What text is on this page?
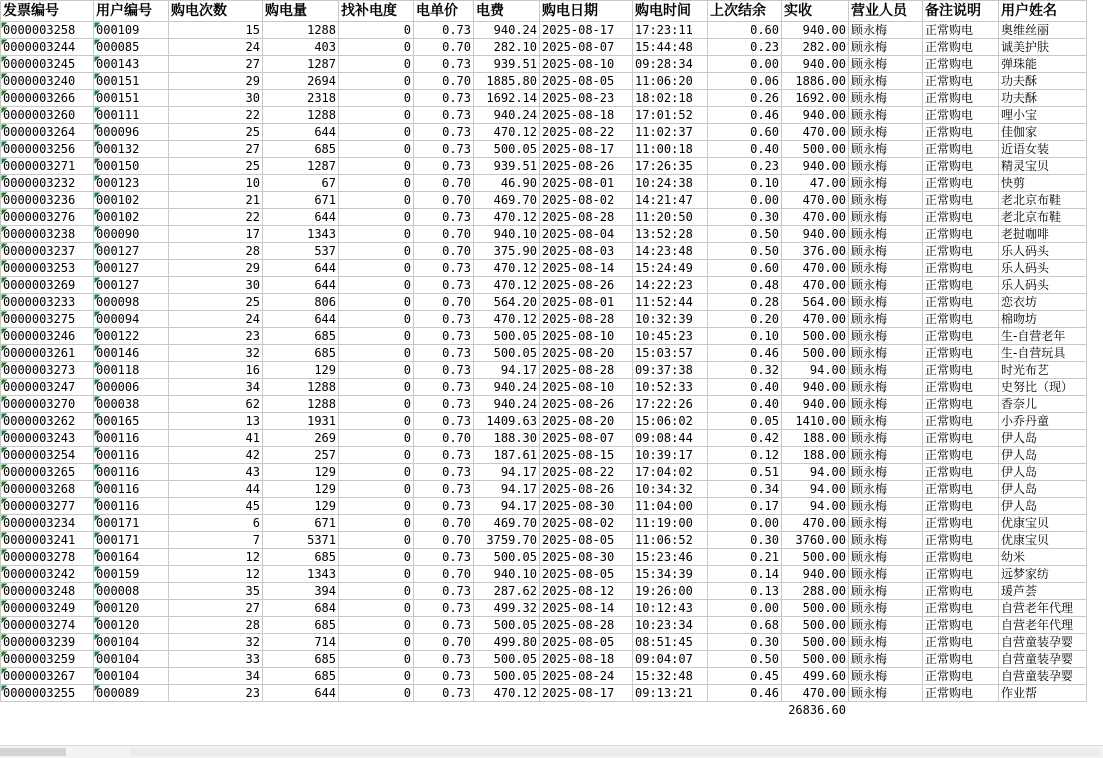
发票编号	用户编号	购电次数	购电量	找补电度	电单价	电费	购电日期	购电时间	上次结余	实收	营业人员	备注说明	用户姓名
0000003258	000109	15	1288	0	0.73	940.24	2025-08-17	17:23:11	0.60	940.00	顾永梅	正常购电	奥维丝丽
0000003244	000085	24	403	0	0.70	282.10	2025-08-07	15:44:48	0.23	282.00	顾永梅	正常购电	诚美护肤
0000003245	000143	27	1287	0	0.73	939.51	2025-08-10	09:28:34	0.00	940.00	顾永梅	正常购电	弹珠能
0000003240	000151	29	2694	0	0.70	1885.80	2025-08-05	11:06:20	0.06	1886.00	顾永梅	正常购电	功夫酥
0000003266	000151	30	2318	0	0.73	1692.14	2025-08-23	18:02:18	0.26	1692.00	顾永梅	正常购电	功夫酥
0000003260	000111	22	1288	0	0.73	940.24	2025-08-18	17:01:52	0.46	940.00	顾永梅	正常购电	哩小宝
0000003264	000096	25	644	0	0.73	470.12	2025-08-22	11:02:37	0.60	470.00	顾永梅	正常购电	佳伽家
0000003256	000132	27	685	0	0.73	500.05	2025-08-17	11:00:18	0.40	500.00	顾永梅	正常购电	近语女装
0000003271	000150	25	1287	0	0.73	939.51	2025-08-26	17:26:35	0.23	940.00	顾永梅	正常购电	精灵宝贝
0000003232	000123	10	67	0	0.70	46.90	2025-08-01	10:24:38	0.10	47.00	顾永梅	正常购电	快剪
0000003236	000102	21	671	0	0.70	469.70	2025-08-02	14:21:47	0.00	470.00	顾永梅	正常购电	老北京布鞋
0000003276	000102	22	644	0	0.73	470.12	2025-08-28	11:20:50	0.30	470.00	顾永梅	正常购电	老北京布鞋
0000003238	000090	17	1343	0	0.70	940.10	2025-08-04	13:52:28	0.50	940.00	顾永梅	正常购电	老挝咖啡
0000003237	000127	28	537	0	0.70	375.90	2025-08-03	14:23:48	0.50	376.00	顾永梅	正常购电	乐人码头
0000003253	000127	29	644	0	0.73	470.12	2025-08-14	15:24:49	0.60	470.00	顾永梅	正常购电	乐人码头
0000003269	000127	30	644	0	0.73	470.12	2025-08-26	14:22:23	0.48	470.00	顾永梅	正常购电	乐人码头
0000003233	000098	25	806	0	0.70	564.20	2025-08-01	11:52:44	0.28	564.00	顾永梅	正常购电	恋衣坊
0000003275	000094	24	644	0	0.73	470.12	2025-08-28	10:32:39	0.20	470.00	顾永梅	正常购电	棉吻坊
0000003246	000122	23	685	0	0.73	500.05	2025-08-10	10:45:23	0.10	500.00	顾永梅	正常购电	生-自营老年
0000003261	000146	32	685	0	0.73	500.05	2025-08-20	15:03:57	0.46	500.00	顾永梅	正常购电	生-自营玩具
0000003273	000118	16	129	0	0.73	94.17	2025-08-28	09:37:38	0.32	94.00	顾永梅	正常购电	时光布艺
0000003247	000006	34	1288	0	0.73	940.24	2025-08-10	10:52:33	0.40	940.00	顾永梅	正常购电	史努比（现）
0000003270	000038	62	1288	0	0.73	940.24	2025-08-26	17:22:26	0.40	940.00	顾永梅	正常购电	香奈儿
0000003262	000165	13	1931	0	0.73	1409.63	2025-08-20	15:06:02	0.05	1410.00	顾永梅	正常购电	小乔丹童
0000003243	000116	41	269	0	0.70	188.30	2025-08-07	09:08:44	0.42	188.00	顾永梅	正常购电	伊人岛
0000003254	000116	42	257	0	0.73	187.61	2025-08-15	10:39:17	0.12	188.00	顾永梅	正常购电	伊人岛
0000003265	000116	43	129	0	0.73	94.17	2025-08-22	17:04:02	0.51	94.00	顾永梅	正常购电	伊人岛
0000003268	000116	44	129	0	0.73	94.17	2025-08-26	10:34:32	0.34	94.00	顾永梅	正常购电	伊人岛
0000003277	000116	45	129	0	0.73	94.17	2025-08-30	11:04:00	0.17	94.00	顾永梅	正常购电	伊人岛
0000003234	000171	6	671	0	0.70	469.70	2025-08-02	11:19:00	0.00	470.00	顾永梅	正常购电	优康宝贝
0000003241	000171	7	5371	0	0.70	3759.70	2025-08-05	11:06:52	0.30	3760.00	顾永梅	正常购电	优康宝贝
0000003278	000164	12	685	0	0.73	500.05	2025-08-30	15:23:46	0.21	500.00	顾永梅	正常购电	幼米
0000003242	000159	12	1343	0	0.70	940.10	2025-08-05	15:34:39	0.14	940.00	顾永梅	正常购电	远梦家纺
0000003248	000008	35	394	0	0.73	287.62	2025-08-12	19:26:00	0.13	288.00	顾永梅	正常购电	瑗芦荟
0000003249	000120	27	684	0	0.73	499.32	2025-08-14	10:12:43	0.00	500.00	顾永梅	正常购电	自营老年代理
0000003274	000120	28	685	0	0.73	500.05	2025-08-28	10:23:34	0.68	500.00	顾永梅	正常购电	自营老年代理
0000003239	000104	32	714	0	0.70	499.80	2025-08-05	08:51:45	0.30	500.00	顾永梅	正常购电	自营童装孕婴
0000003259	000104	33	685	0	0.73	500.05	2025-08-18	09:04:07	0.50	500.00	顾永梅	正常购电	自营童装孕婴
0000003267	000104	34	685	0	0.73	500.05	2025-08-24	15:32:48	0.45	499.60	顾永梅	正常购电	自营童装孕婴
0000003255	000089	23	644	0	0.73	470.12	2025-08-17	09:13:21	0.46	470.00	顾永梅	正常购电	作业帮
										26836.60			
